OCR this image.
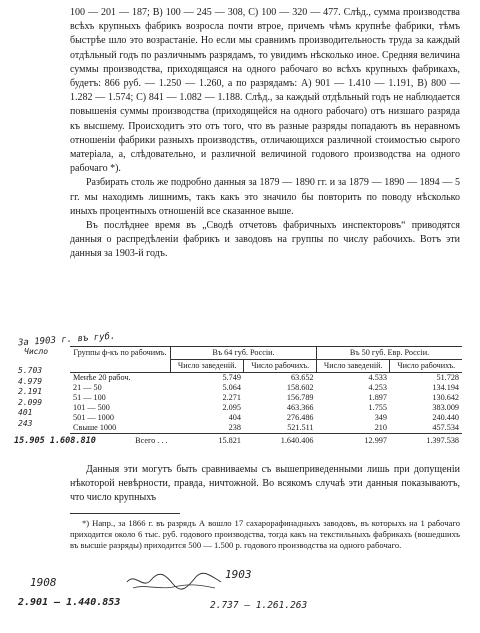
100 — 201 — 187; B) 100 — 245 — 308, C) 100 — 320 — 477. Слѣд., сумма производства всѣхъ крупныхъ фабрикъ возросла почти втрое, причемъ чѣмъ крупнѣе фабрики, тѣмъ быстрѣе шло это возрастаніе. Но если мы сравнимъ производительность труда за каждый отдѣльный годъ по различнымъ разрядамъ, то увидимъ нѣсколько иное. Средняя величина суммы производства, приходящаяся на одного рабочаго во всѣхъ крупныхъ фабрикахъ, будетъ: 866 руб. — 1.250 — 1.260, а по разрядамъ: А) 901 — 1.410 — 1.191, B) 800 — 1.282 — 1.574; C) 841 — 1.082 — 1.188. Слѣд., за каждый отдѣльный годъ не наблюдается повышенія суммы производства (приходящейся на одного рабочаго) отъ низшаго разряда къ высшему. Происходитъ это отъ того, что въ разные разряды попадаютъ въ неравномъ отношеніи фабрики разныхъ производствъ, отличающихся различной стоимостью сырого матеріала, а, слѣдовательно, и различной величиной годового производства на одного рабочаго *).

Разбирать столь же подробно данныя за 1879 — 1890 гг. и за 1879 — 1890 — 1894 — 5 гг. мы находимъ лишнимъ, такъ какъ это значило бы повторить по поводу нѣсколько иныхъ процентныхъ отношеній все сказанное выше.

Въ послѣднее время въ „Сводѣ отчетовъ фабричныхъ инспекторовъ“ приводятся данныя о распредѣленіи фабрикъ и заводовъ на группы по числу рабочихъ. Вотъ эти данныя за 1903-й годъ.

За 1903 г. въ губ.
Число	Группы ф-къ по рабочимъ.	Въ 64 губ. Россіи.		Въ 50 губ. Евр. Россіи.	
	Число заведеній.	Число рабочихъ.	Число заведеній.	Число рабочихъ.
Менѣе 20 рабоч.	5.749	63.652	4.533	51.728
21 — 50	5.064	158.602	4.253	134.194
51 — 100	2.271	156.789	1.897	130.642
101 — 500	2.095	463.366	1.755	383.009
501 — 1000	404	276.486	349	240.440
Свыше 1000	238	521.511	210	457.534
Всего . . .	15.821	1.640.406	12.997	1.397.538
5.703
4.979
2.191
2.099
401
243
15.905 1.608.810

Данныя эти могутъ быть сравниваемы съ вышеприведенными лишь при допущеніи нѣкоторой невѣрности, правда, ничтожной. Во всякомъ случаѣ эти данныя показываютъ, что число крупныхъ

*) Напр., за 1866 г. въ разрядъ А вошло 17 сахарорафинадныхъ заводовъ, въ которыхъ на 1 рабочаго приходится около 6 тыс. руб. годового производства, тогда какъ на текстильныхъ фабрикахъ (вошедшихъ въ высшіе разряды) приходится 500 — 1.500 р. годового производства на одного рабочаго.

1908
2.901 — 1.440.853
1903
2.737 — 1.261.263
